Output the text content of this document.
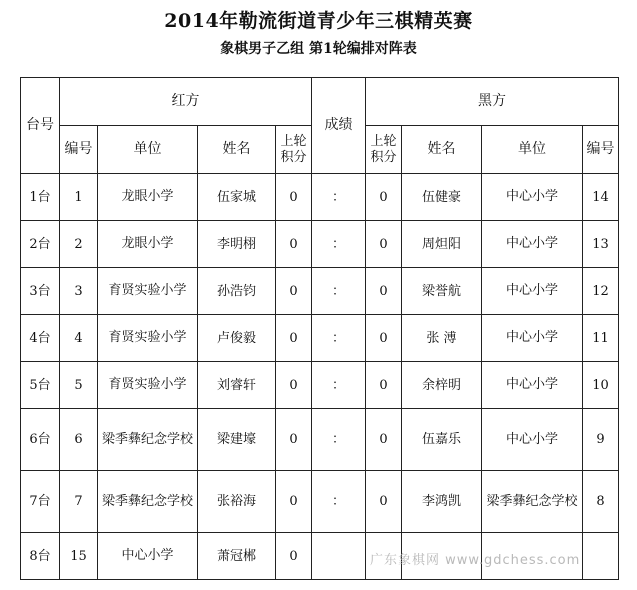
2014年勒流街道青少年三棋精英赛
象棋男子乙组 第1轮编排对阵表
台号	红方				成绩	黑方			
	编号	单位	姓名	上轮积分		上轮积分	姓名	单位	编号
1台	1	龙眼小学	伍家城	0	：	0	伍健豪	中心小学	14
2台	2	龙眼小学	李明栩	0	：	0	周炟阳	中心小学	13
3台	3	育贤实验小学	孙浩钧	0	：	0	梁誉航	中心小学	12
4台	4	育贤实验小学	卢俊毅	0	：	0	张 溥	中心小学	11
5台	5	育贤实验小学	刘睿轩	0	：	0	余梓明	中心小学	10
6台	6	梁季彝纪念学校	梁建壕	0	：	0	伍嘉乐	中心小学	9
7台	7	梁季彝纪念学校	张裕海	0	：	0	李鸿凯	梁季彝纪念学校	8
8台	15	中心小学	萧冠郴	0						广东象棋网 www.gdchess.com
